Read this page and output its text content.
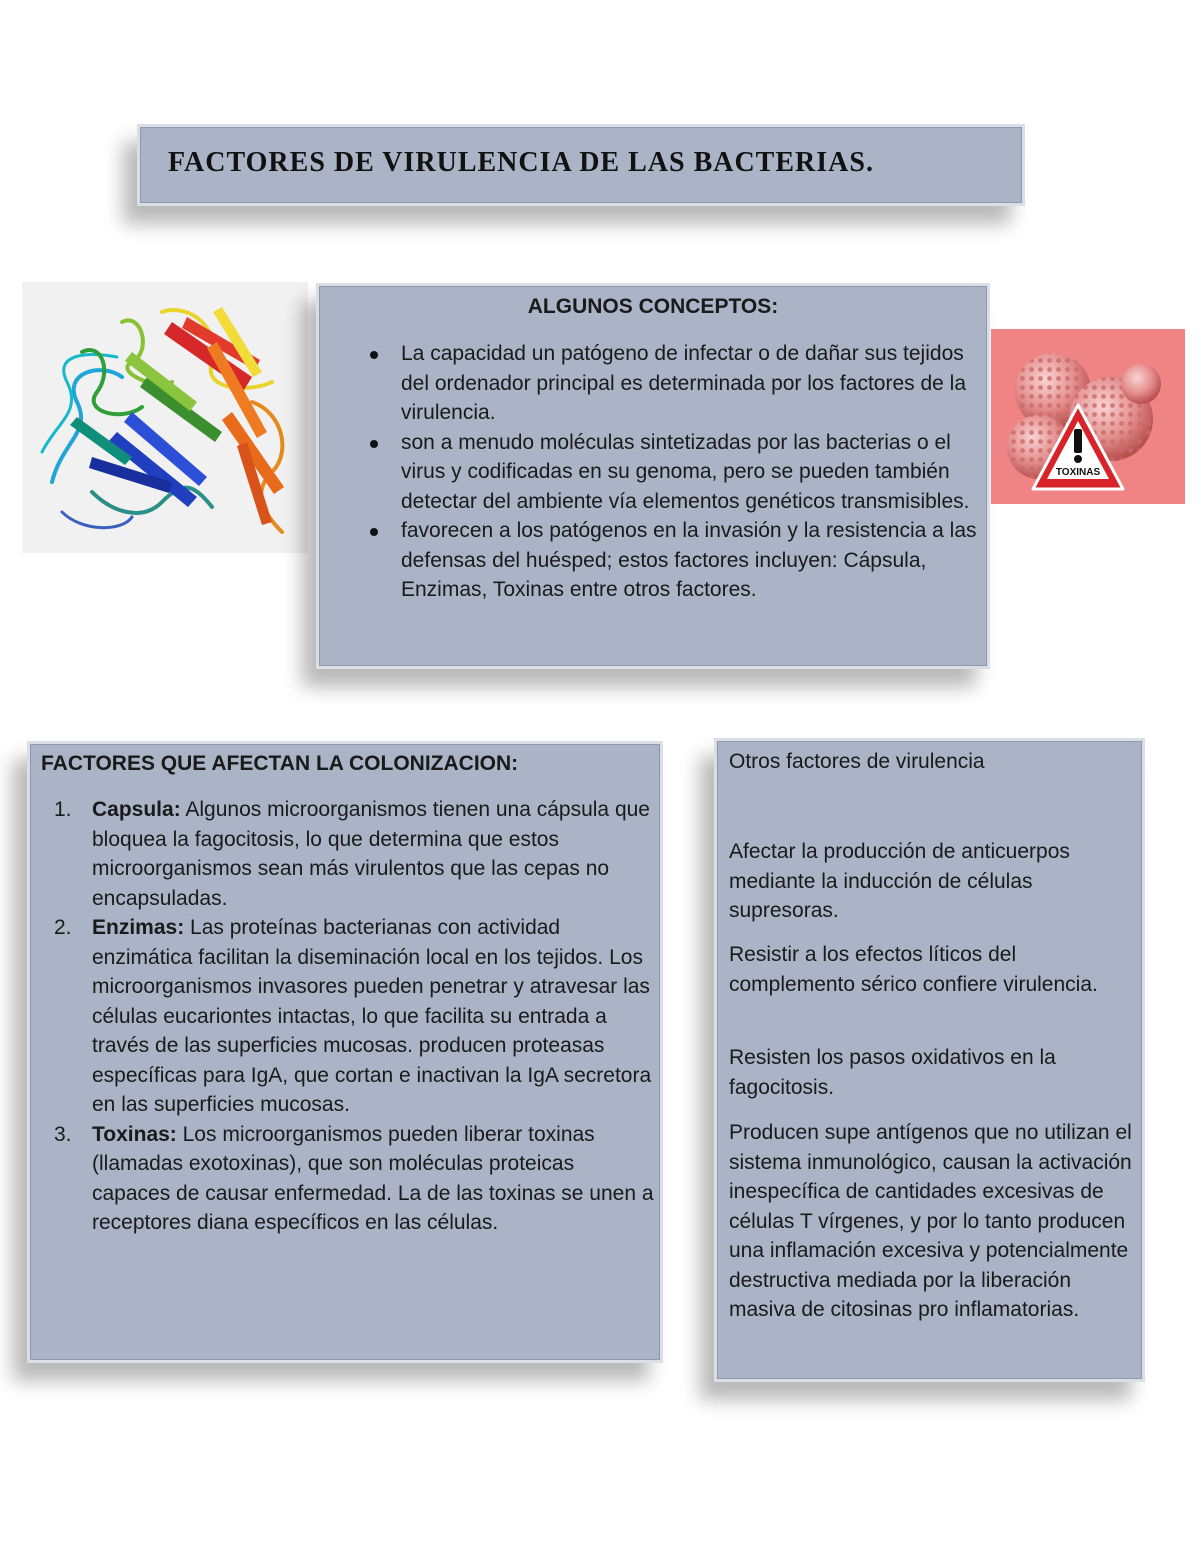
FACTORES DE VIRULENCIA DE LAS BACTERIAS.
ALGUNOS CONCEPTOS:
La capacidad un patógeno de infectar o de dañar sus tejidos del ordenador principal es determinada por los factores de la virulencia.
son a menudo moléculas sintetizadas por las bacterias o el virus y codificadas en su genoma, pero se pueden también detectar del ambiente vía elementos genéticos transmisibles.
favorecen a los patógenos en la invasión y la resistencia a las defensas del huésped; estos factores incluyen: Cápsula, Enzimas, Toxinas entre otros factores.
TOXINAS
FACTORES QUE AFECTAN LA COLONIZACION:
1. Capsula: Algunos microorganismos tienen una cápsula que bloquea la fagocitosis, lo que determina que estos microorganismos sean más virulentos que las cepas no encapsuladas.
2. Enzimas: Las proteínas bacterianas con actividad enzimática facilitan la diseminación local en los tejidos. Los microorganismos invasores pueden penetrar y atravesar las células eucariontes intactas, lo que facilita su entrada a través de las superficies mucosas. producen proteasas específicas para IgA, que cortan e inactivan la IgA secretora en las superficies mucosas.
3. Toxinas: Los microorganismos pueden liberar toxinas (llamadas exotoxinas), que son moléculas proteicas capaces de causar enfermedad. La de las toxinas se unen a receptores diana específicos en las células.

Otros factores de virulencia

Afectar la producción de anticuerpos mediante la inducción de células supresoras.

Resistir a los efectos líticos del complemento sérico confiere virulencia.

Resisten los pasos oxidativos en la fagocitosis.

Producen supe antígenos que no utilizan el sistema inmunológico, causan la activación inespecífica de cantidades excesivas de células T vírgenes, y por lo tanto producen una inflamación excesiva y potencialmente destructiva mediada por la liberación masiva de citosinas pro inflamatorias.
